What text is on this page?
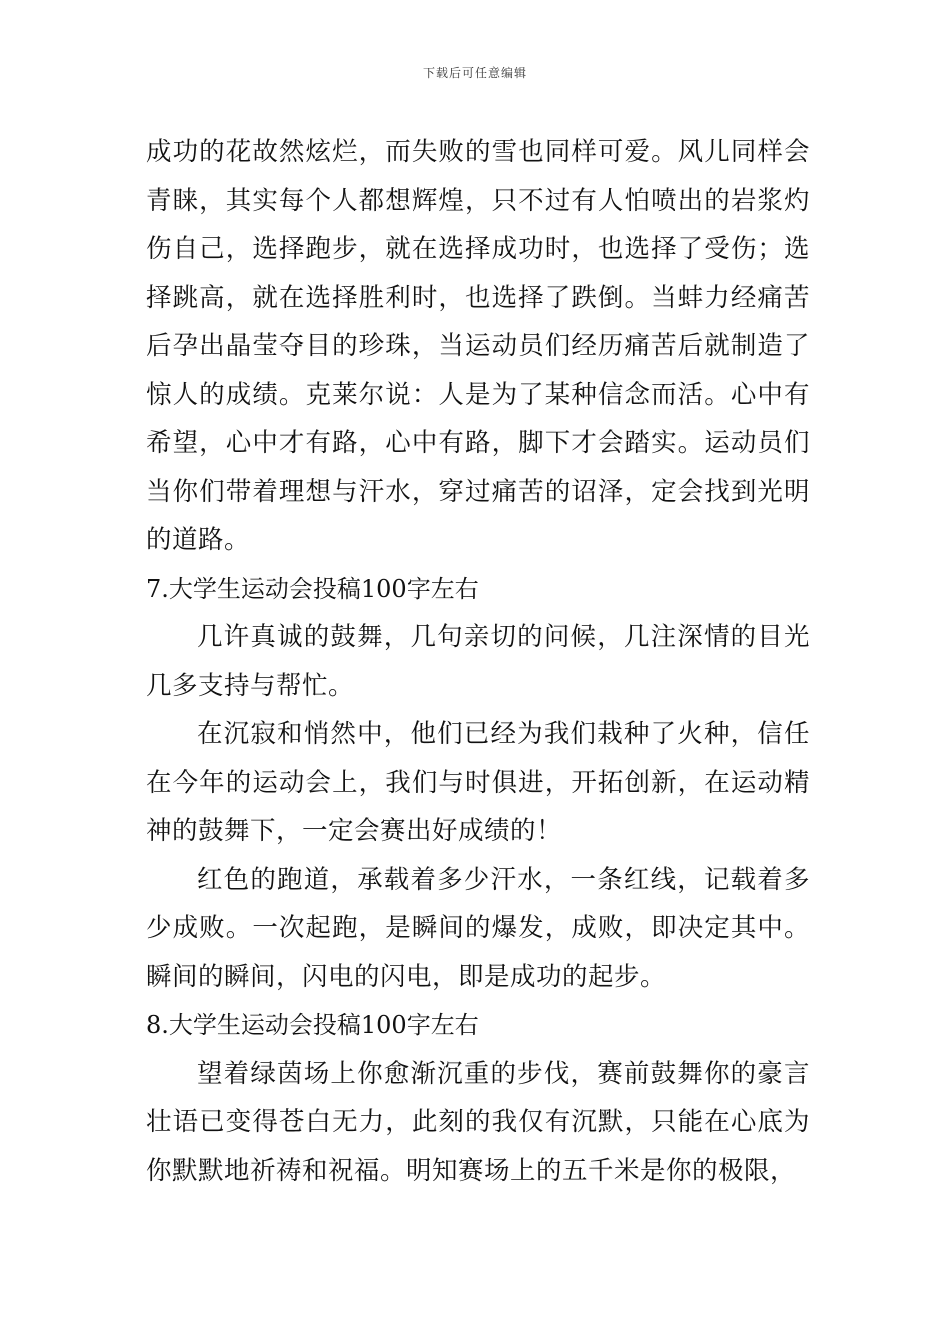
下载后可任意编辑

成功的花故然炫烂，而失败的雪也同样可爱。风儿同样会青睐，其实每个人都想辉煌，只不过有人怕喷出的岩浆灼伤自己，选择跑步，就在选择成功时，也选择了受伤；选择跳高，就在选择胜利时，也选择了跌倒。当蚌力经痛苦后孕出晶莹夺目的珍珠，当运动员们经历痛苦后就制造了惊人的成绩。克莱尔说：人是为了某种信念而活。心中有希望，心中才有路，心中有路，脚下才会踏实。运动员们当你们带着理想与汗水，穿过痛苦的诏泽，定会找到光明的道路。

7.大学生运动会投稿100字左右

几许真诚的鼓舞，几句亲切的问候，几注深情的目光几多支持与帮忙。

在沉寂和悄然中，他们已经为我们栽种了火种，信任在今年的运动会上，我们与时俱进，开拓创新，在运动精神的鼓舞下，一定会赛出好成绩的！

红色的跑道，承载着多少汗水，一条红线，记载着多少成败。一次起跑，是瞬间的爆发，成败，即决定其中。瞬间的瞬间，闪电的闪电，即是成功的起步。

8.大学生运动会投稿100字左右

望着绿茵场上你愈渐沉重的步伐，赛前鼓舞你的豪言壮语已变得苍白无力，此刻的我仅有沉默，只能在心底为你默默地祈祷和祝福。明知赛场上的五千米是你的极限，
